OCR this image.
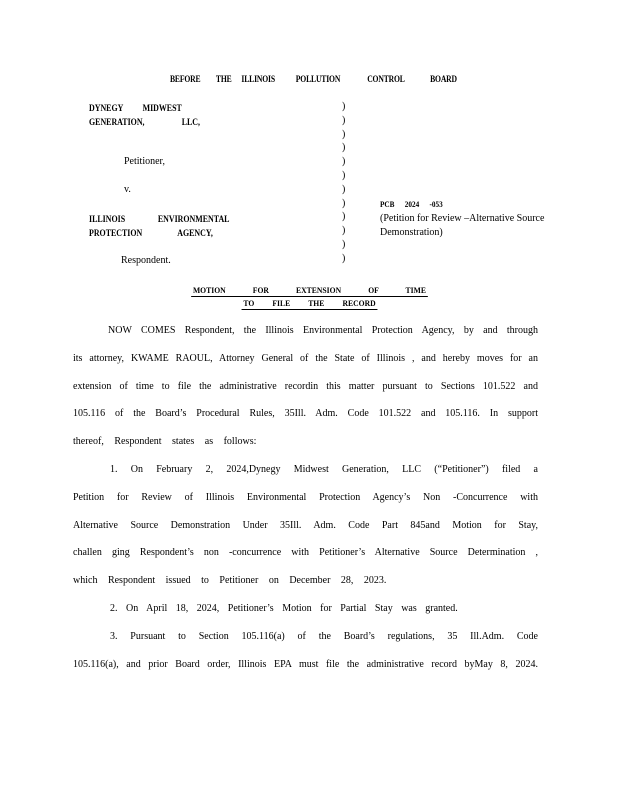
BEFORE THE ILLINOIS POLLUTION	CONTROL	BOARD
DYNEGY MIDWEST
GENERATION, LLC,
Petitioner,
v.
ILLINOIS ENVIRONMENTAL
PROTECTION AGENCY,
Respondent.
)
)
)
)
)
)
)
)
)
)
)
)
PCB 2024 -053
(Petition for Review –Alternative Source Demonstration)
MOTION FOR EXTENSION OF TIME
TO FILE THE RECORD
NOW COMES Respondent, the Illinois Environmental Protection Agency, by and through
its attorney, KWAME RAOUL, Attorney General of the State of Illinois , and hereby moves for an
extension of time to file the administrative recordin this matter pursuant to Sections 101.522 and
105.116 of the Board’s Procedural Rules, 35Ill. Adm. Code 101.522 and 105.116. In support
thereof, Respondent states as follows:
1. On February 2, 2024,Dynegy Midwest Generation, LLC (“Petitioner”) filed a
Petition for Review of Illinois Environmental Protection Agency’s Non -Concurrence with
Alternative Source Demonstration Under 35Ill. Adm. Code Part 845and Motion for Stay,
challen ging Respondent’s non -concurrence with Petitioner’s Alternative Source Determination ,
which Respondent issued to Petitioner on December 28, 2023.
2. On April 18, 2024, Petitioner’s Motion for Partial Stay was granted.
3. Pursuant to Section 105.116(a) of the Board’s regulations, 35 Ill.Adm. Code
105.116(a), and prior Board order, Illinois EPA must file the administrative record byMay 8, 2024.
